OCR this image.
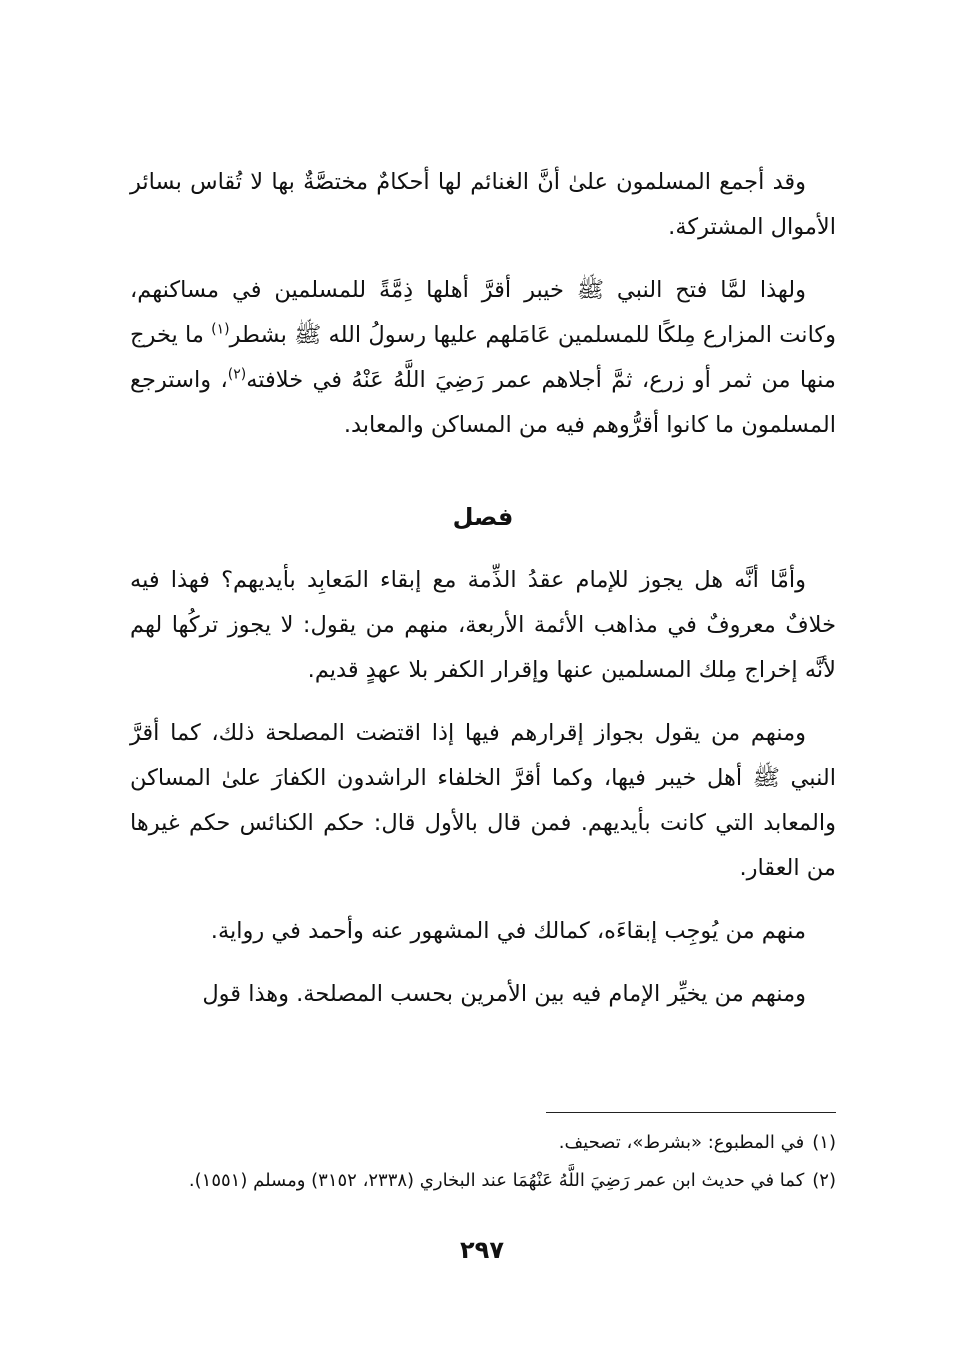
وقد أجمع المسلمون علىٰ أنَّ الغنائم لها أحكامٌ مختصَّةٌ بها لا تُقاس بسائر الأموال المشتركة.

ولهذا لمَّا فتح النبي ﷺ خيبر أقرَّ أهلها ذِمَّةً للمسلمين في مساكنهم، وكانت المزارع مِلكًا للمسلمين عَامَلهم عليها رسولُ الله ﷺ بشطر$^{(١)}$ ما يخرج منها من ثمر أو زرع، ثمَّ أجلاهم عمر رَضِيَ اللَّهُ عَنْهُ في خلافته$^{(٢)}$، واسترجع المسلمون ما كانوا أقرُّوهم فيه من المساكن والمعابد.

فصل

وأمَّا أنَّه هل يجوز للإمام عقدُ الذِّمة مع إبقاء المَعابِد بأيديهم؟ فهذا فيه خلافٌ معروفٌ في مذاهب الأئمة الأربعة، منهم من يقول: لا يجوز تركُها لهم لأنَّه إخراج مِلك المسلمين عنها وإقرار الكفر بلا عهدٍ قديم.

ومنهم من يقول بجواز إقرارهم فيها إذا اقتضت المصلحة ذلك، كما أقرَّ النبي ﷺ أهل خيبر فيها، وكما أقرَّ الخلفاء الراشدون الكفارَ علىٰ المساكن والمعابد التي كانت بأيديهم. فمن قال بالأول قال: حكم الكنائس حكم غيرها من العقار.

منهم من يُوجِب إبقاءَه، كمالك في المشهور عنه وأحمد في رواية.

ومنهم من يخيِّر الإمام فيه بين الأمرين بحسب المصلحة. وهذا قول

(١)في المطبوع: «بشرط»، تصحيف.

(٢)كما في حديث ابن عمر رَضِيَ اللَّهُ عَنْهُمَا عند البخاري (٢٣٣٨، ٣١٥٢) ومسلم (١٥٥١).

٢٩٧
